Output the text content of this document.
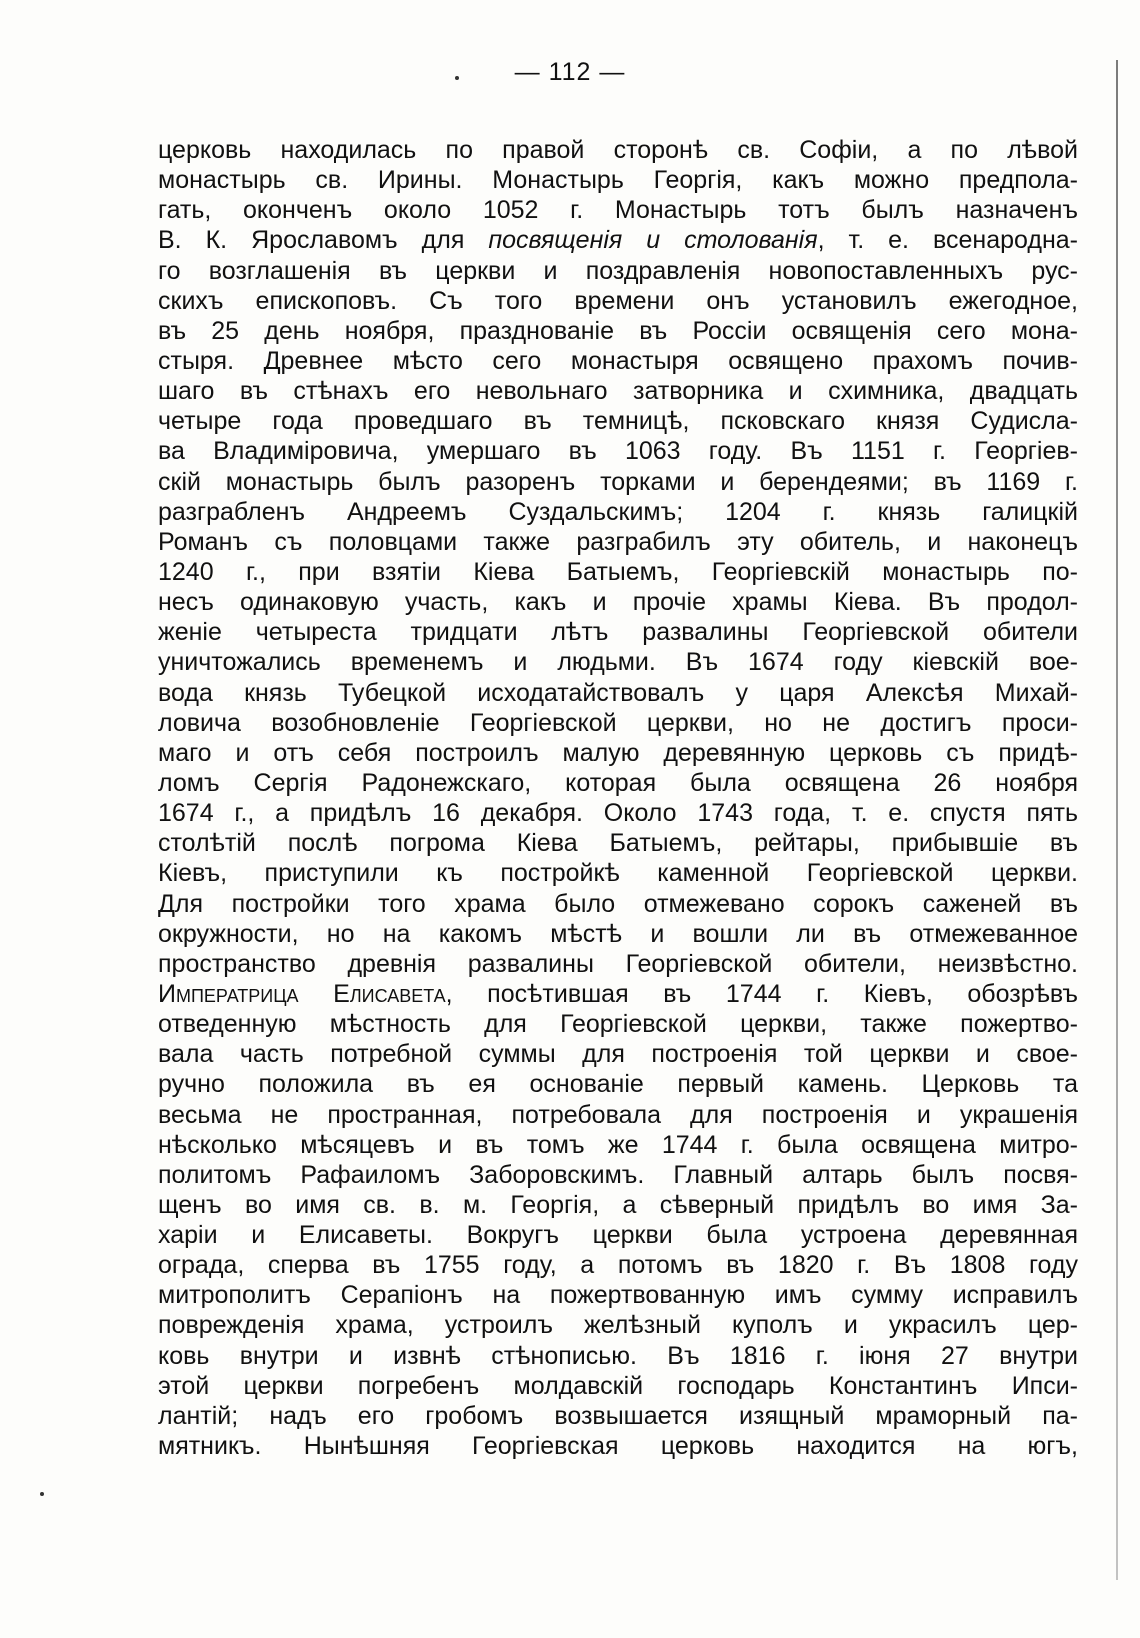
— 112 —
церковь находилась по правой сторонѣ св. Софіи, а по лѣвой
монастырь св. Ирины. Монастырь Георгія, какъ можно предпола-
гать, оконченъ около 1052 г. Монастырь тотъ былъ назначенъ
В. К. Ярославомъ для посвященія и столованія, т. е. всенародна-
го возглашенія въ церкви и поздравленія новопоставленныхъ рус-
скихъ епископовъ. Съ того времени онъ установилъ ежегодное,
въ 25 день ноября, празднованіе въ Россіи освященія сего мона-
стыря. Древнее мѣсто сего монастыря освящено прахомъ почив-
шаго въ стѣнахъ его невольнаго затворника и схимника, двадцать
четыре года проведшаго въ темницѣ, псковскаго князя Судисла-
ва Владиміровича, умершаго въ 1063 году. Въ 1151 г. Георгіев-
скій монастырь былъ разоренъ торками и берендеями; въ 1169 г.
разграбленъ Андреемъ Суздальскимъ; 1204 г. князь галицкій
Романъ съ половцами также разграбилъ эту обитель, и наконецъ
1240 г., при взятіи Кіева Батыемъ, Георгіевскій монастырь по-
несъ одинаковую участь, какъ и прочіе храмы Кіева. Въ продол-
женіе четыреста тридцати лѣтъ развалины Георгіевской обители
уничтожались временемъ и людьми. Въ 1674 году кіевскій вое-
вода князь Тубецкой исходатайствовалъ у царя Алексѣя Михай-
ловича возобновленіе Георгіевской церкви, но не достигъ проси-
маго и отъ себя построилъ малую деревянную церковь съ придѣ-
ломъ Сергія Радонежскаго, которая была освящена 26 ноября
1674 г., а придѣлъ 16 декабря. Около 1743 года, т. е. спустя пять
столѣтій послѣ погрома Кіева Батыемъ, рейтары, прибывшіе въ
Кіевъ, приступили къ постройкѣ каменной Георгіевской церкви.
Для постройки того храма было отмежевано сорокъ саженей въ
окружности, но на какомъ мѣстѣ и вошли ли въ отмежеванное
пространство древнія развалины Георгіевской обители, неизвѣстно.
Императрица Елисавета, посѣтившая въ 1744 г. Кіевъ, обозрѣвъ
отведенную мѣстность для Георгіевской церкви, также пожертво-
вала часть потребной суммы для построенія той церкви и свое-
ручно положила въ ея основаніе первый камень. Церковь та
весьма не пространная, потребовала для построенія и украшенія
нѣсколько мѣсяцевъ и въ томъ же 1744 г. была освящена митро-
политомъ Рафаиломъ Заборовскимъ. Главный алтарь былъ посвя-
щенъ во имя св. в. м. Георгія, а сѣверный придѣлъ во имя За-
харіи и Елисаветы. Вокругъ церкви была устроена деревянная
ограда, сперва въ 1755 году, а потомъ въ 1820 г. Въ 1808 году
митрополитъ Серапіонъ на пожертвованную имъ сумму исправилъ
поврежденія храма, устроилъ желѣзный куполъ и украсилъ цер-
ковь внутри и извнѣ стѣнописью. Въ 1816 г. іюня 27 внутри
этой церкви погребенъ молдавскій господарь Константинъ Ипси-
лантій; надъ его гробомъ возвышается изящный мраморный па-
мятникъ. Нынѣшняя Георгіевская церковь находится на югъ,
